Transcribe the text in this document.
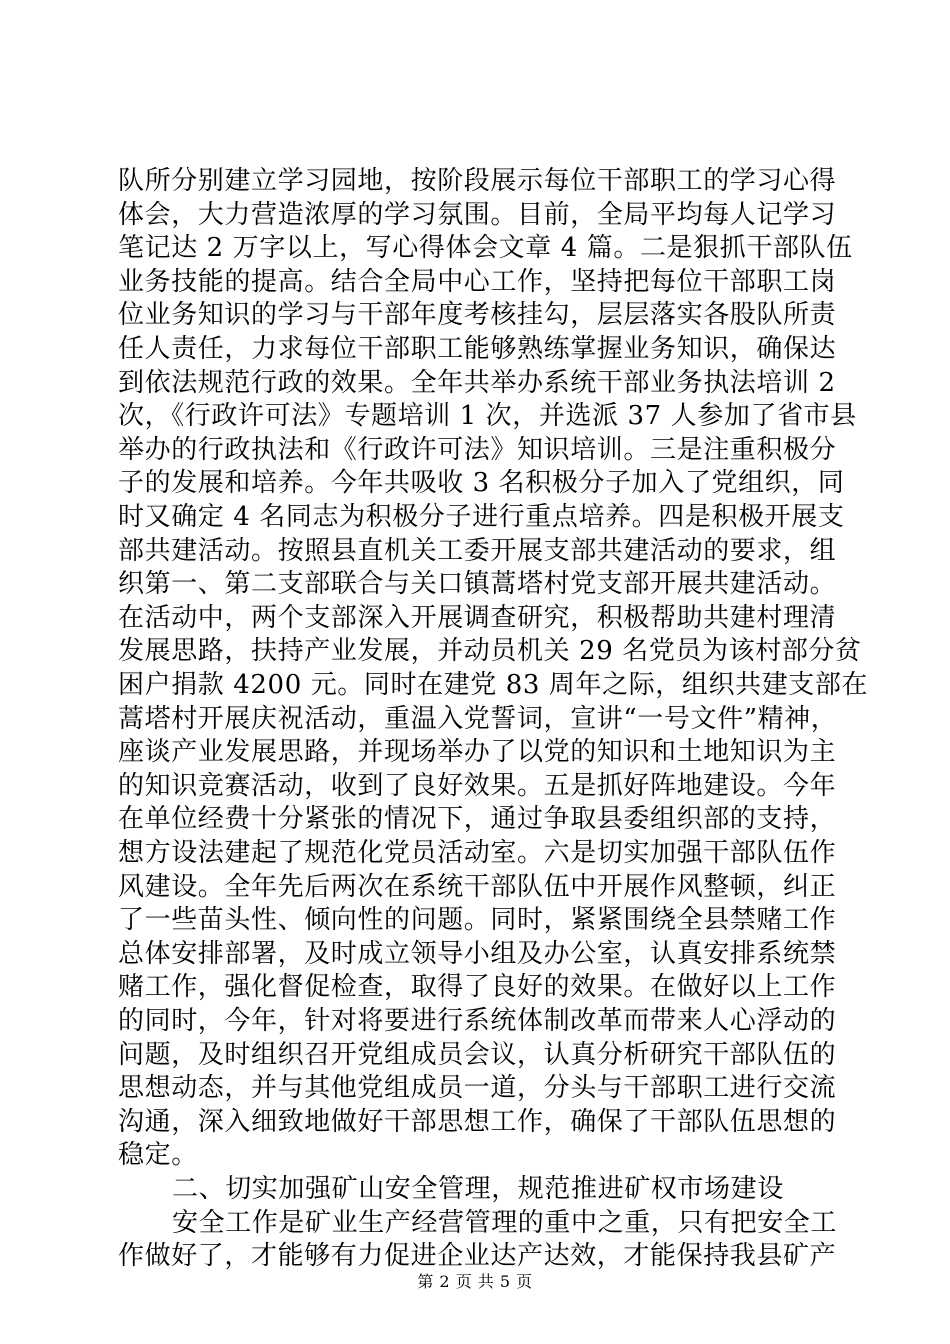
队所分别建立学习园地，按阶段展示每位干部职工的学习心得
体会，大力营造浓厚的学习氛围。目前，全局平均每人记学习
笔记达 2 万字以上，写心得体会文章 4 篇。二是狠抓干部队伍
业务技能的提高。结合全局中心工作，坚持把每位干部职工岗
位业务知识的学习与干部年度考核挂勾，层层落实各股队所责
任人责任，力求每位干部职工能够熟练掌握业务知识，确保达
到依法规范行政的效果。全年共举办系统干部业务执法培训 2
次，《行政许可法》专题培训 1 次，并选派 37 人参加了省市县
举办的行政执法和《行政许可法》知识培训。三是注重积极分
子的发展和培养。今年共吸收 3 名积极分子加入了党组织，同
时又确定 4 名同志为积极分子进行重点培养。四是积极开展支
部共建活动。按照县直机关工委开展支部共建活动的要求，组
织第一、第二支部联合与关口镇蒿塔村党支部开展共建活动。
在活动中，两个支部深入开展调查研究，积极帮助共建村理清
发展思路，扶持产业发展，并动员机关 29 名党员为该村部分贫
困户捐款 4200 元。同时在建党 83 周年之际，组织共建支部在
蒿塔村开展庆祝活动，重温入党誓词，宣讲“一号文件”精神，
座谈产业发展思路，并现场举办了以党的知识和土地知识为主
的知识竞赛活动，收到了良好效果。五是抓好阵地建设。今年
在单位经费十分紧张的情况下，通过争取县委组织部的支持，
想方设法建起了规范化党员活动室。六是切实加强干部队伍作
风建设。全年先后两次在系统干部队伍中开展作风整顿，纠正
了一些苗头性、倾向性的问题。同时，紧紧围绕全县禁赌工作
总体安排部署，及时成立领导小组及办公室，认真安排系统禁
赌工作，强化督促检查，取得了良好的效果。在做好以上工作
的同时，今年，针对将要进行系统体制改革而带来人心浮动的
问题，及时组织召开党组成员会议，认真分析研究干部队伍的
思想动态，并与其他党组成员一道，分头与干部职工进行交流
沟通，深入细致地做好干部思想工作，确保了干部队伍思想的
稳定。
二、切实加强矿山安全管理，规范推进矿权市场建设
安全工作是矿业生产经营管理的重中之重，只有把安全工
作做好了，才能够有力促进企业达产达效，才能保持我县矿产
第 2 页 共 5 页
